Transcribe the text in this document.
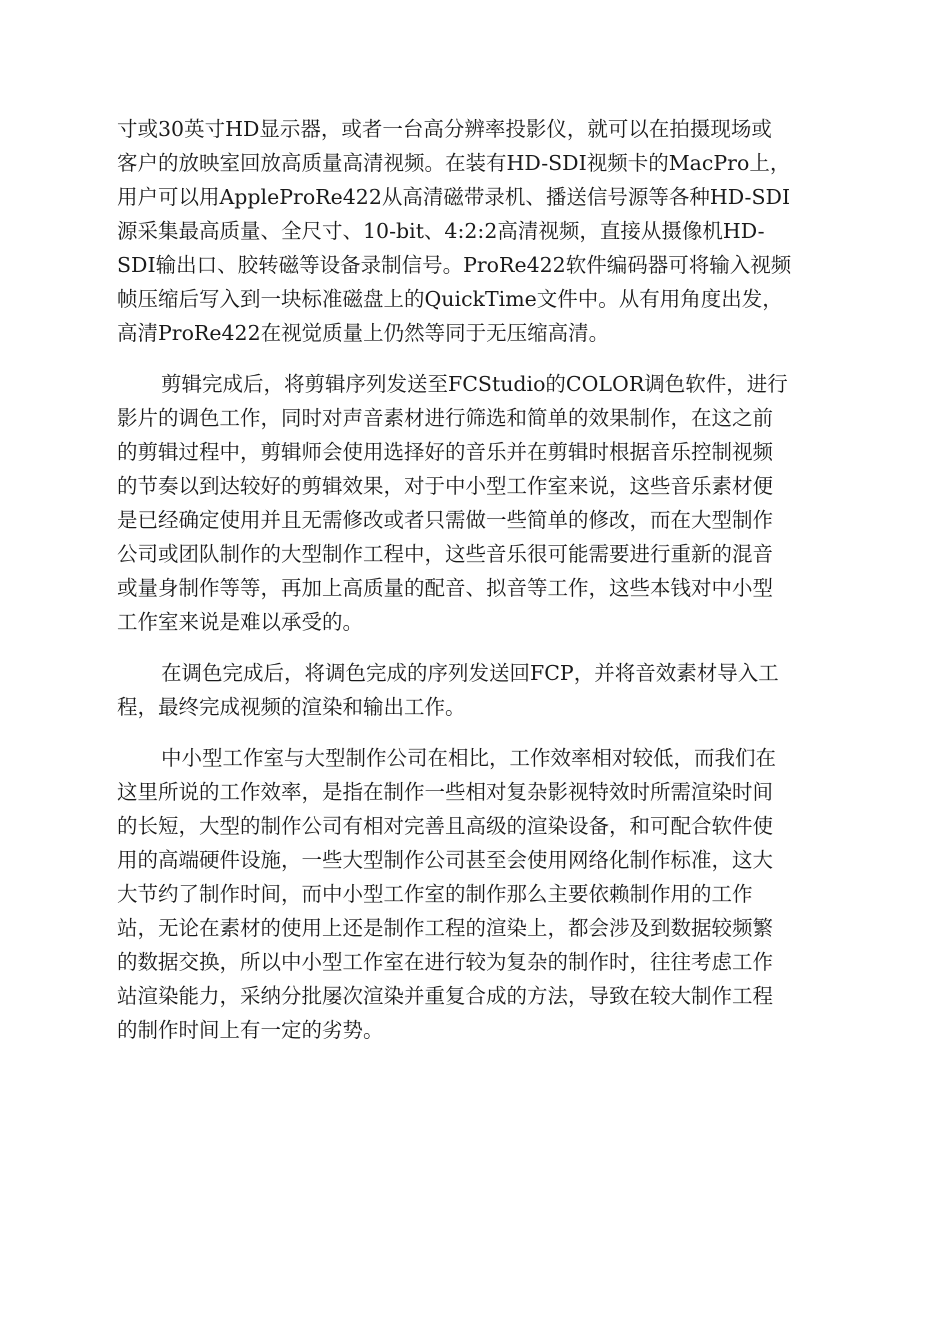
寸或30英寸HD显示器，或者一台高分辨率投影仪，就可以在拍摄现场或
客户的放映室回放高质量高清视频。在装有HD-SDI视频卡的MacPro上，
用户可以用AppleProRe422从高清磁带录机、播送信号源等各种HD-SDI
源采集最高质量、全尺寸、10-bit、4:2:2高清视频，直接从摄像机HD-
SDI输出口、胶转磁等设备录制信号。ProRe422软件编码器可将输入视频
帧压缩后写入到一块标准磁盘上的QuickTime文件中。从有用角度出发，
高清ProRe422在视觉质量上仍然等同于无压缩高清。
剪辑完成后，将剪辑序列发送至FCStudio的COLOR调色软件，进行
影片的调色工作，同时对声音素材进行筛选和简单的效果制作，在这之前
的剪辑过程中，剪辑师会使用选择好的音乐并在剪辑时根据音乐控制视频
的节奏以到达较好的剪辑效果，对于中小型工作室来说，这些音乐素材便
是已经确定使用并且无需修改或者只需做一些简单的修改，而在大型制作
公司或团队制作的大型制作工程中，这些音乐很可能需要进行重新的混音
或量身制作等等，再加上高质量的配音、拟音等工作，这些本钱对中小型
工作室来说是难以承受的。
在调色完成后，将调色完成的序列发送回FCP，并将音效素材导入工
程，最终完成视频的渲染和输出工作。
中小型工作室与大型制作公司在相比，工作效率相对较低，而我们在
这里所说的工作效率，是指在制作一些相对复杂影视特效时所需渲染时间
的长短，大型的制作公司有相对完善且高级的渲染设备，和可配合软件使
用的高端硬件设施，一些大型制作公司甚至会使用网络化制作标准，这大
大节约了制作时间，而中小型工作室的制作那么主要依赖制作用的工作
站，无论在素材的使用上还是制作工程的渲染上，都会涉及到数据较频繁
的数据交换，所以中小型工作室在进行较为复杂的制作时，往往考虑工作
站渲染能力，采纳分批屡次渲染并重复合成的方法，导致在较大制作工程
的制作时间上有一定的劣势。
